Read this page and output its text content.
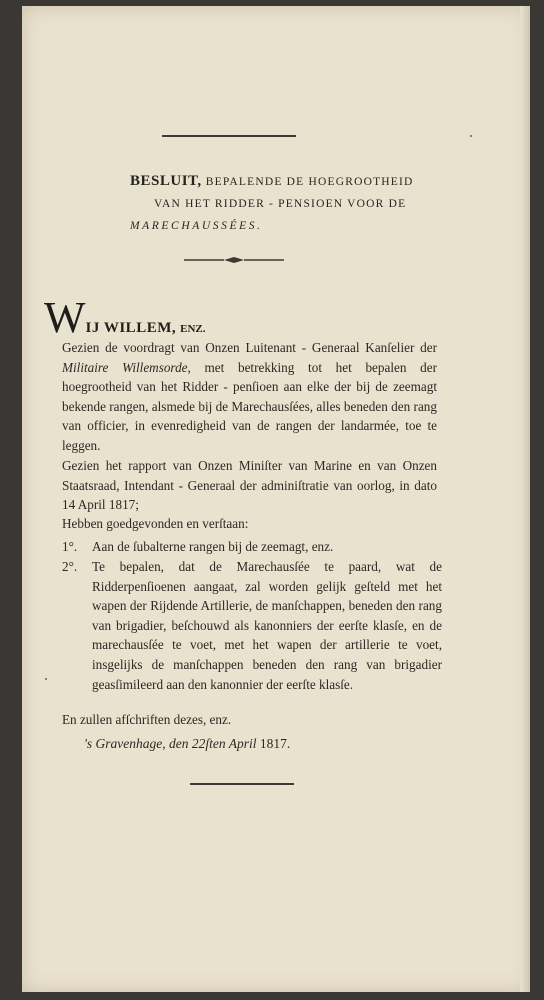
BESLUIT, BEPALENDE DE HOEGROOTHEID
VAN HET RIDDER - PENSIOEN VOOR DE
MARECHAUSSÉES.
WIJ WILLEM, ENZ.
Gezien de voordragt van Onzen Luitenant - Generaal Kanſelier der Militaire Willemsorde, met betrekking tot het bepalen der hoegrootheid van het Ridder - penſioen aan elke der bij de zeemagt bekende rangen, alsmede bij de Marechausſées, alles beneden den rang van officier, in evenredigheid van de rangen der landarmée, toe te leggen.
Gezien het rapport van Onzen Miniſter van Marine en van Onzen Staatsraad, Intendant - Generaal der adminiſtratie van oorlog, in dato 14 April 1817;
Hebben goedgevonden en verſtaan:
1°.	Aan de ſubalterne rangen bij de zeemagt, enz.
2°.	Te bepalen, dat de Marechausſée te paard, wat de Ridderpenſioenen aangaat, zal worden gelijk geſteld met het wapen der Rijdende Artillerie, de manſchappen, beneden den rang van brigadier, beſchouwd als kanonniers der eerſte klasſe, en de marechausſée te voet, met het wapen der artillerie te voet, insgelijks de manſchappen beneden den rang van brigadier geasſimileerd aan den kanonnier der eerſte klasſe.
En zullen afſchriften dezes, enz.
's Gravenhage, den 22ſten April 1817.
